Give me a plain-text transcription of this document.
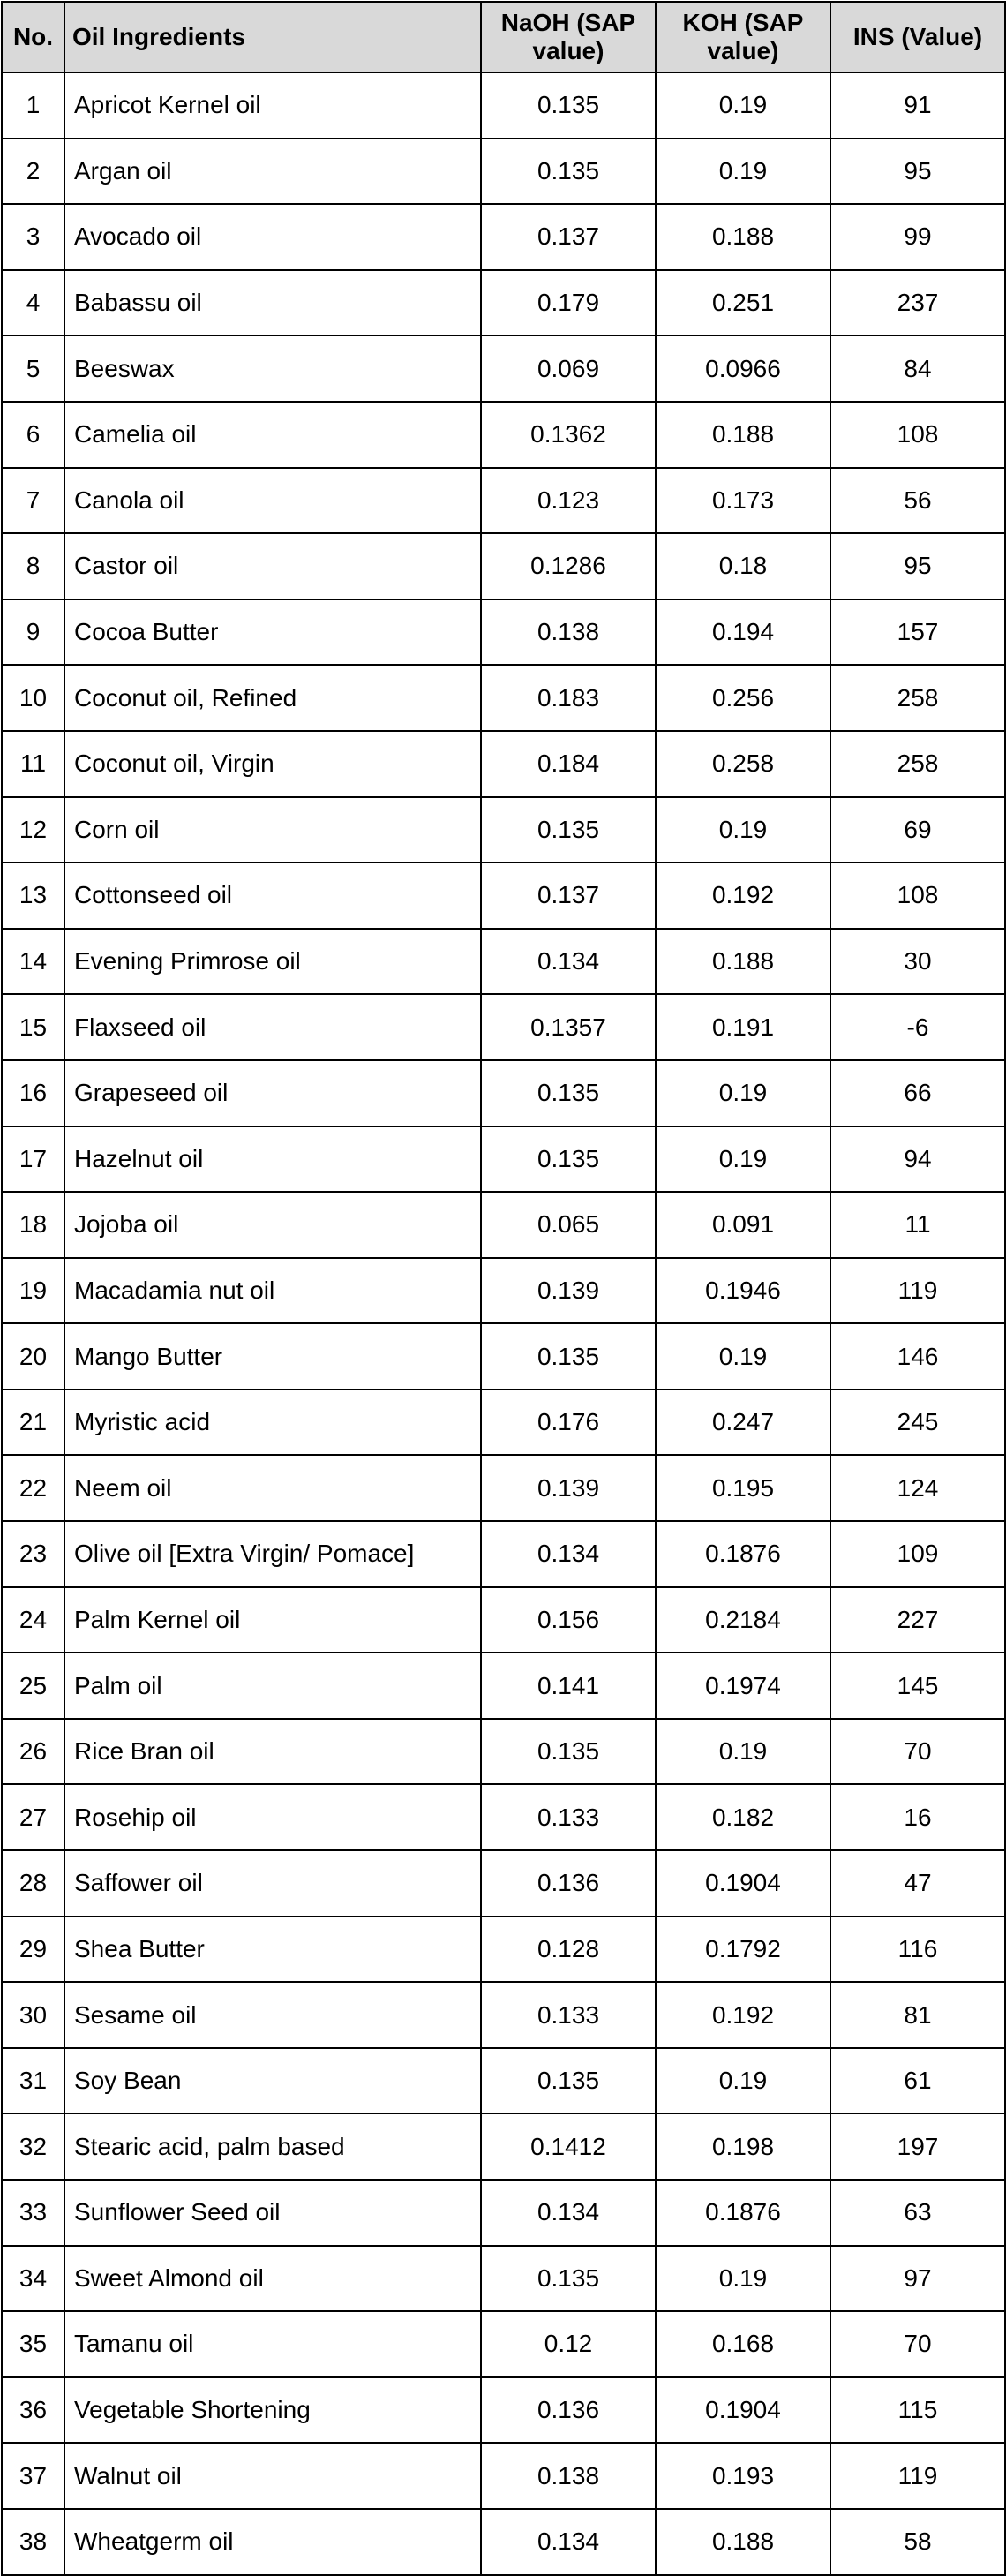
No.	Oil Ingredients	NaOH (SAP value)	KOH (SAP value)	INS (Value)
1	Apricot Kernel oil	0.135	0.19	91
2	Argan oil	0.135	0.19	95
3	Avocado oil	0.137	0.188	99
4	Babassu oil	0.179	0.251	237
5	Beeswax	0.069	0.0966	84
6	Camelia oil	0.1362	0.188	108
7	Canola oil	0.123	0.173	56
8	Castor oil	0.1286	0.18	95
9	Cocoa Butter	0.138	0.194	157
10	Coconut oil, Refined	0.183	0.256	258
11	Coconut oil, Virgin	0.184	0.258	258
12	Corn oil	0.135	0.19	69
13	Cottonseed oil	0.137	0.192	108
14	Evening Primrose oil	0.134	0.188	30
15	Flaxseed oil	0.1357	0.191	-6
16	Grapeseed oil	0.135	0.19	66
17	Hazelnut oil	0.135	0.19	94
18	Jojoba oil	0.065	0.091	11
19	Macadamia nut oil	0.139	0.1946	119
20	Mango Butter	0.135	0.19	146
21	Myristic acid	0.176	0.247	245
22	Neem oil	0.139	0.195	124
23	Olive oil [Extra Virgin/ Pomace]	0.134	0.1876	109
24	Palm Kernel oil	0.156	0.2184	227
25	Palm oil	0.141	0.1974	145
26	Rice Bran oil	0.135	0.19	70
27	Rosehip oil	0.133	0.182	16
28	Saffower oil	0.136	0.1904	47
29	Shea Butter	0.128	0.1792	116
30	Sesame oil	0.133	0.192	81
31	Soy Bean	0.135	0.19	61
32	Stearic acid, palm based	0.1412	0.198	197
33	Sunflower Seed oil	0.134	0.1876	63
34	Sweet Almond oil	0.135	0.19	97
35	Tamanu oil	0.12	0.168	70
36	Vegetable Shortening	0.136	0.1904	115
37	Walnut oil	0.138	0.193	119
38	Wheatgerm oil	0.134	0.188	58
